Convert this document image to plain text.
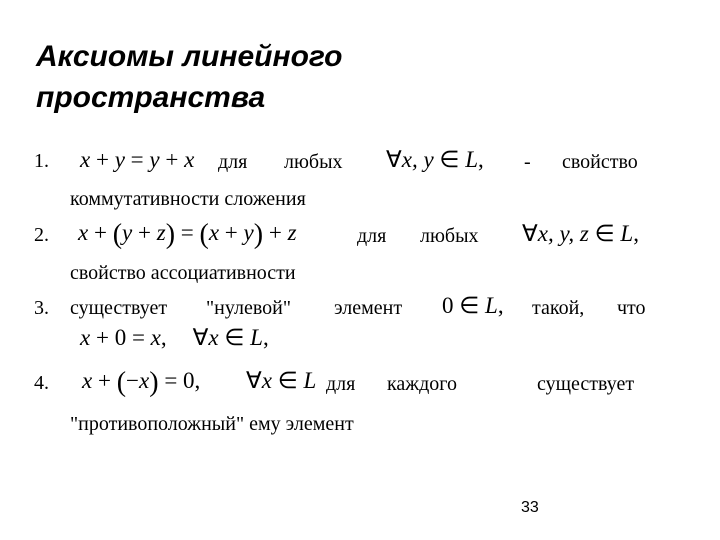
Аксиомы линейного
пространства
1. x + y = y + x для любых ∀x, y ∈ L, - свойство
коммутативности сложения
2. x + (y + z) = (x + y) + z	для любых ∀x, y, z ∈ L,
свойство ассоциативности
3. существует "нулевой" элемент 0 ∈ L, такой, что
x + 0 = x, ∀x ∈ L,
4. x + (−x) = 0, ∀x ∈ L для каждого	существует
"противоположный" ему элемент
33
